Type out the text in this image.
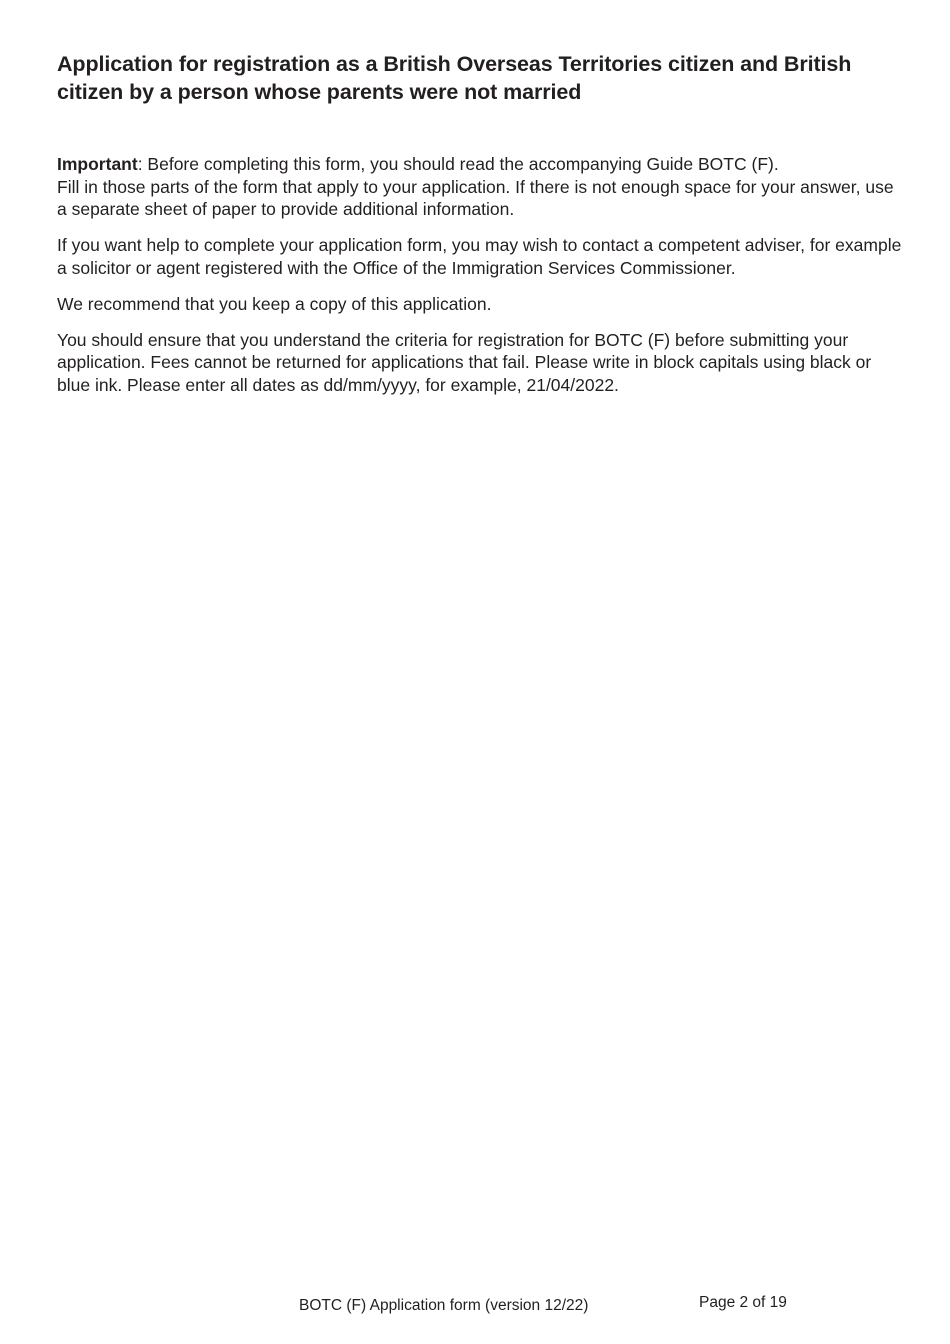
Application for registration as a British Overseas Territories citizen and British citizen by a person whose parents were not married

Important: Before completing this form, you should read the accompanying Guide BOTC (F).
Fill in those parts of the form that apply to your application. If there is not enough space for your answer, use a separate sheet of paper to provide additional information.

If you want help to complete your application form, you may wish to contact a competent adviser, for example a solicitor or agent registered with the Office of the Immigration Services Commissioner.

We recommend that you keep a copy of this application.

You should ensure that you understand the criteria for registration for BOTC (F) before submitting your application. Fees cannot be returned for applications that fail. Please write in block capitals using black or blue ink. Please enter all dates as dd/mm/yyyy, for example, 21/04/2022.

BOTC (F) Application form (version 12/22)	Page 2 of 19
